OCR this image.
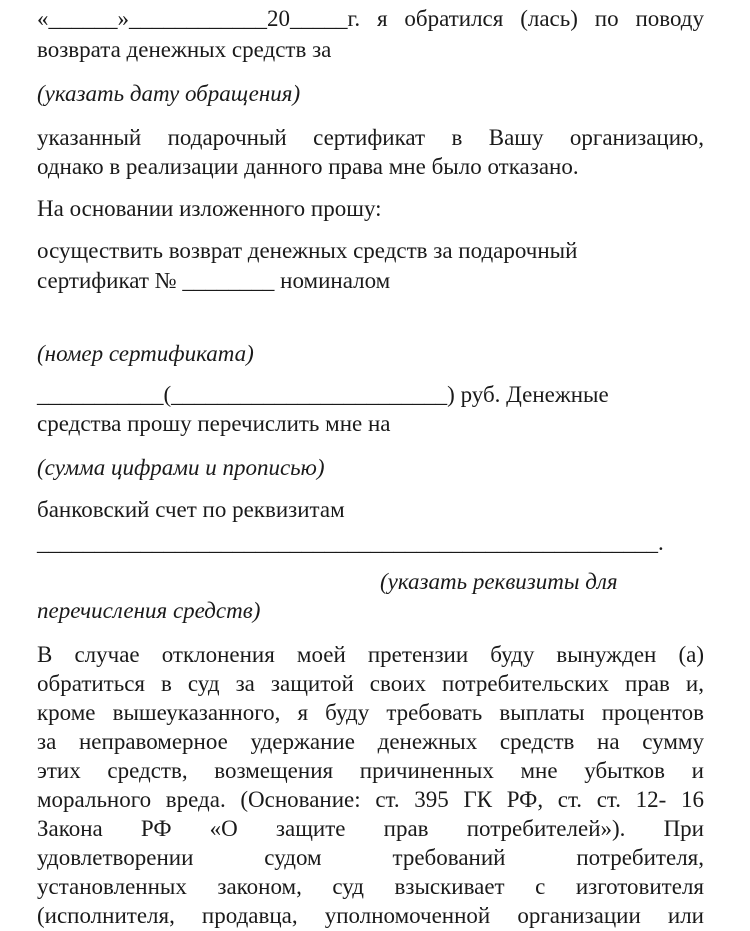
«______»____________20_____г. я обратился (лась) по поводу
возврата денежных средств за
(указать дату обращения)
указанный подарочный сертификат в Вашу организацию,
однако в реализации данного права мне было отказано.
На основании изложенного прошу:
осуществить возврат денежных средств за подарочный
сертификат № ________ номиналом
(номер сертификата)
___________(________________________) руб. Денежные
средства прошу перечислить мне на
(сумма цифрами и прописью)
банковский счет по реквизитам
______________________________________________________.
(указать реквизиты для
перечисления средств)
В случае отклонения моей претензии буду вынужден (а)
обратиться в суд за защитой своих потребительских прав и,
кроме вышеуказанного, я буду требовать выплаты процентов
за неправомерное удержание денежных средств на сумму
этих средств, возмещения причиненных мне убытков и
морального вреда. (Основание: ст. 395 ГК РФ, ст. ст. 12- 16
Закона РФ «О защите прав потребителей»). При
удовлетворении судом требований потребителя,
установленных законом, суд взыскивает с изготовителя
(исполнителя, продавца, уполномоченной организации или
